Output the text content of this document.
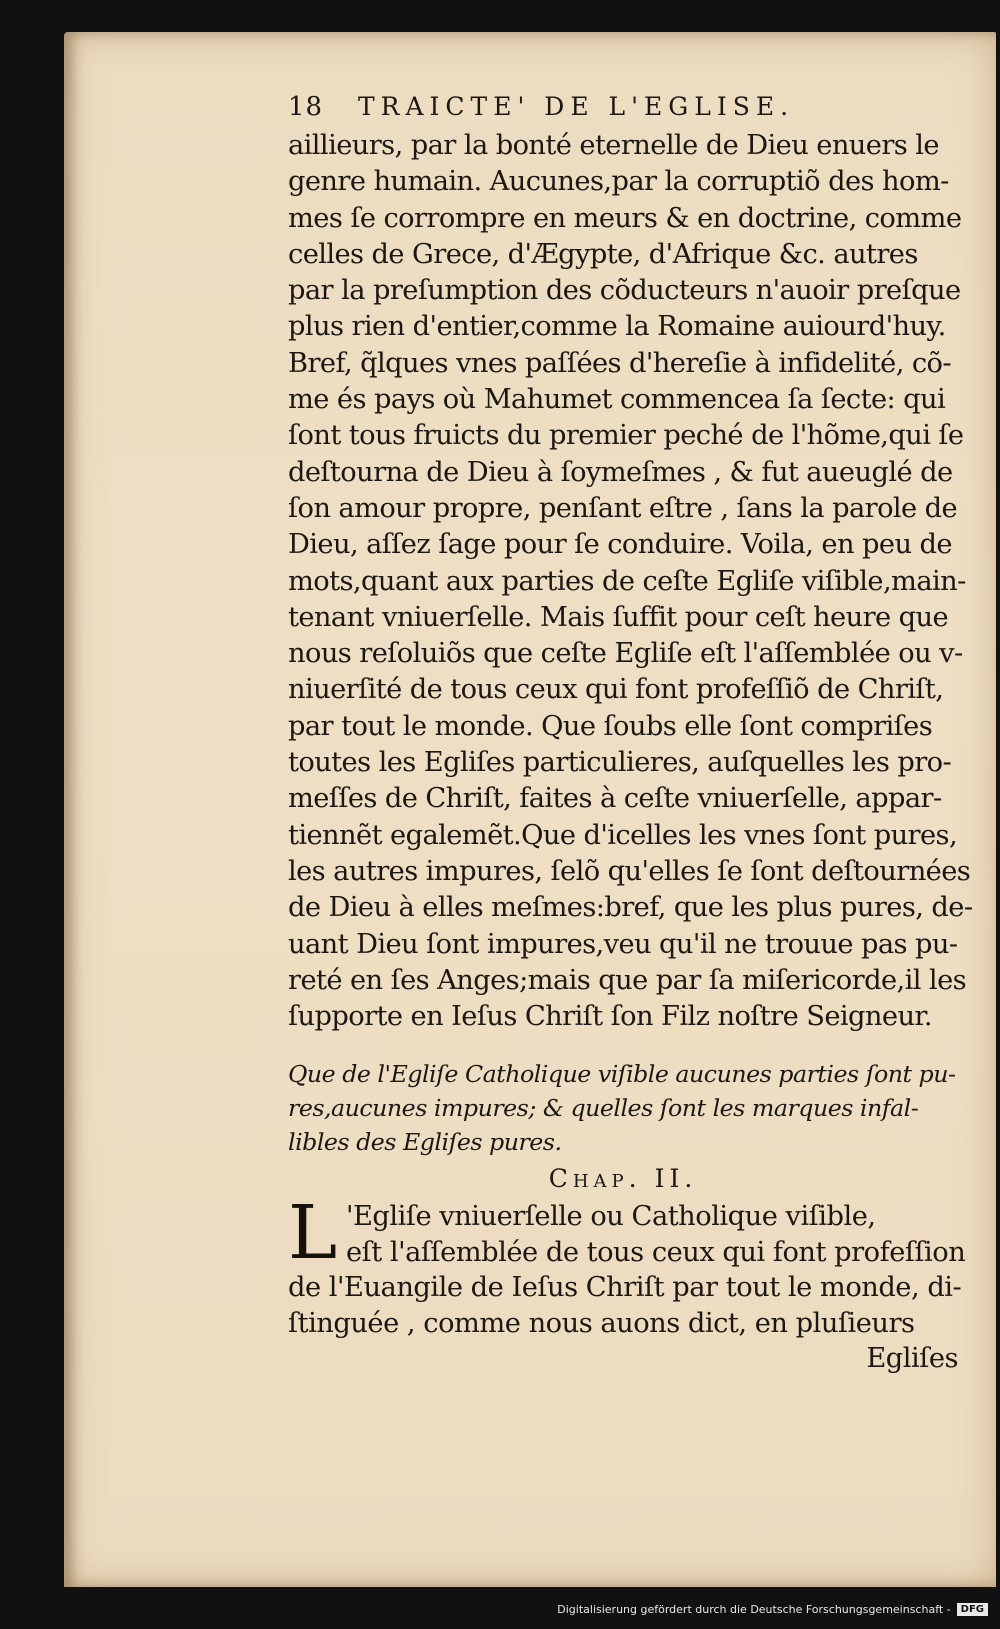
18	TRAICTE' DE L'EGLISE.
aillieurs, par la bonté eternelle de Dieu enuers le
genre humain. Aucunes,par la corruptiõ des hom-
mes ſe corrompre en meurs & en doctrine, comme
celles de Grece, d'Ægypte, d'Afrique &c. autres
par la preſumption des cõducteurs n'auoir preſque
plus rien d'entier,comme la Romaine auiourd'huy.
Bref, q̃lques vnes paſſées d'hereſie à infidelité, cõ-
me és pays où Mahumet commencea ſa ſecte: qui
ſont tous fruicts du premier peché de l'hõme,qui ſe
deſtourna de Dieu à ſoymeſmes , & fut aueuglé de
ſon amour propre, penſant eſtre , ſans la parole de
Dieu, aſſez ſage pour ſe conduire. Voila, en peu de
mots,quant aux parties de ceſte Egliſe viſible,main-
tenant vniuerſelle. Mais ſuffit pour ceſt heure que
nous reſoluiõs que ceſte Egliſe eſt l'aſſemblée ou v-
niuerſité de tous ceux qui font profeſſiõ de Chriſt,
par tout le monde. Que ſoubs elle ſont compriſes
toutes les Egliſes particulieres, auſquelles les pro-
meſſes de Chriſt, faites à ceſte vniuerſelle, appar-
tiennẽt egalemẽt.Que d'icelles les vnes ſont pures,
les autres impures, ſelõ qu'elles ſe ſont deſtournées
de Dieu à elles meſmes:bref, que les plus pures, de-
uant Dieu ſont impures,veu qu'il ne trouue pas pu-
reté en ſes Anges;mais que par ſa miſericorde,il les
ſupporte en Ieſus Chriſt ſon Filz noſtre Seigneur.
Que de l'Egliſe Catholique viſible aucunes parties ſont pu-
res,aucunes impures; & quelles ſont les marques infal-
libles des Egliſes pures.
Chap. II.
L 'Egliſe vniuerſelle ou Catholique viſible,
eſt l'aſſemblée de tous ceux qui font profeſſion
de l'Euangile de Ieſus Chriſt par tout le monde, di-
ſtinguée , comme nous auons dict, en pluſieurs
Egliſes
Digitalisierung gefördert durch die Deutsche Forschungsgemeinschaft -	DFG
